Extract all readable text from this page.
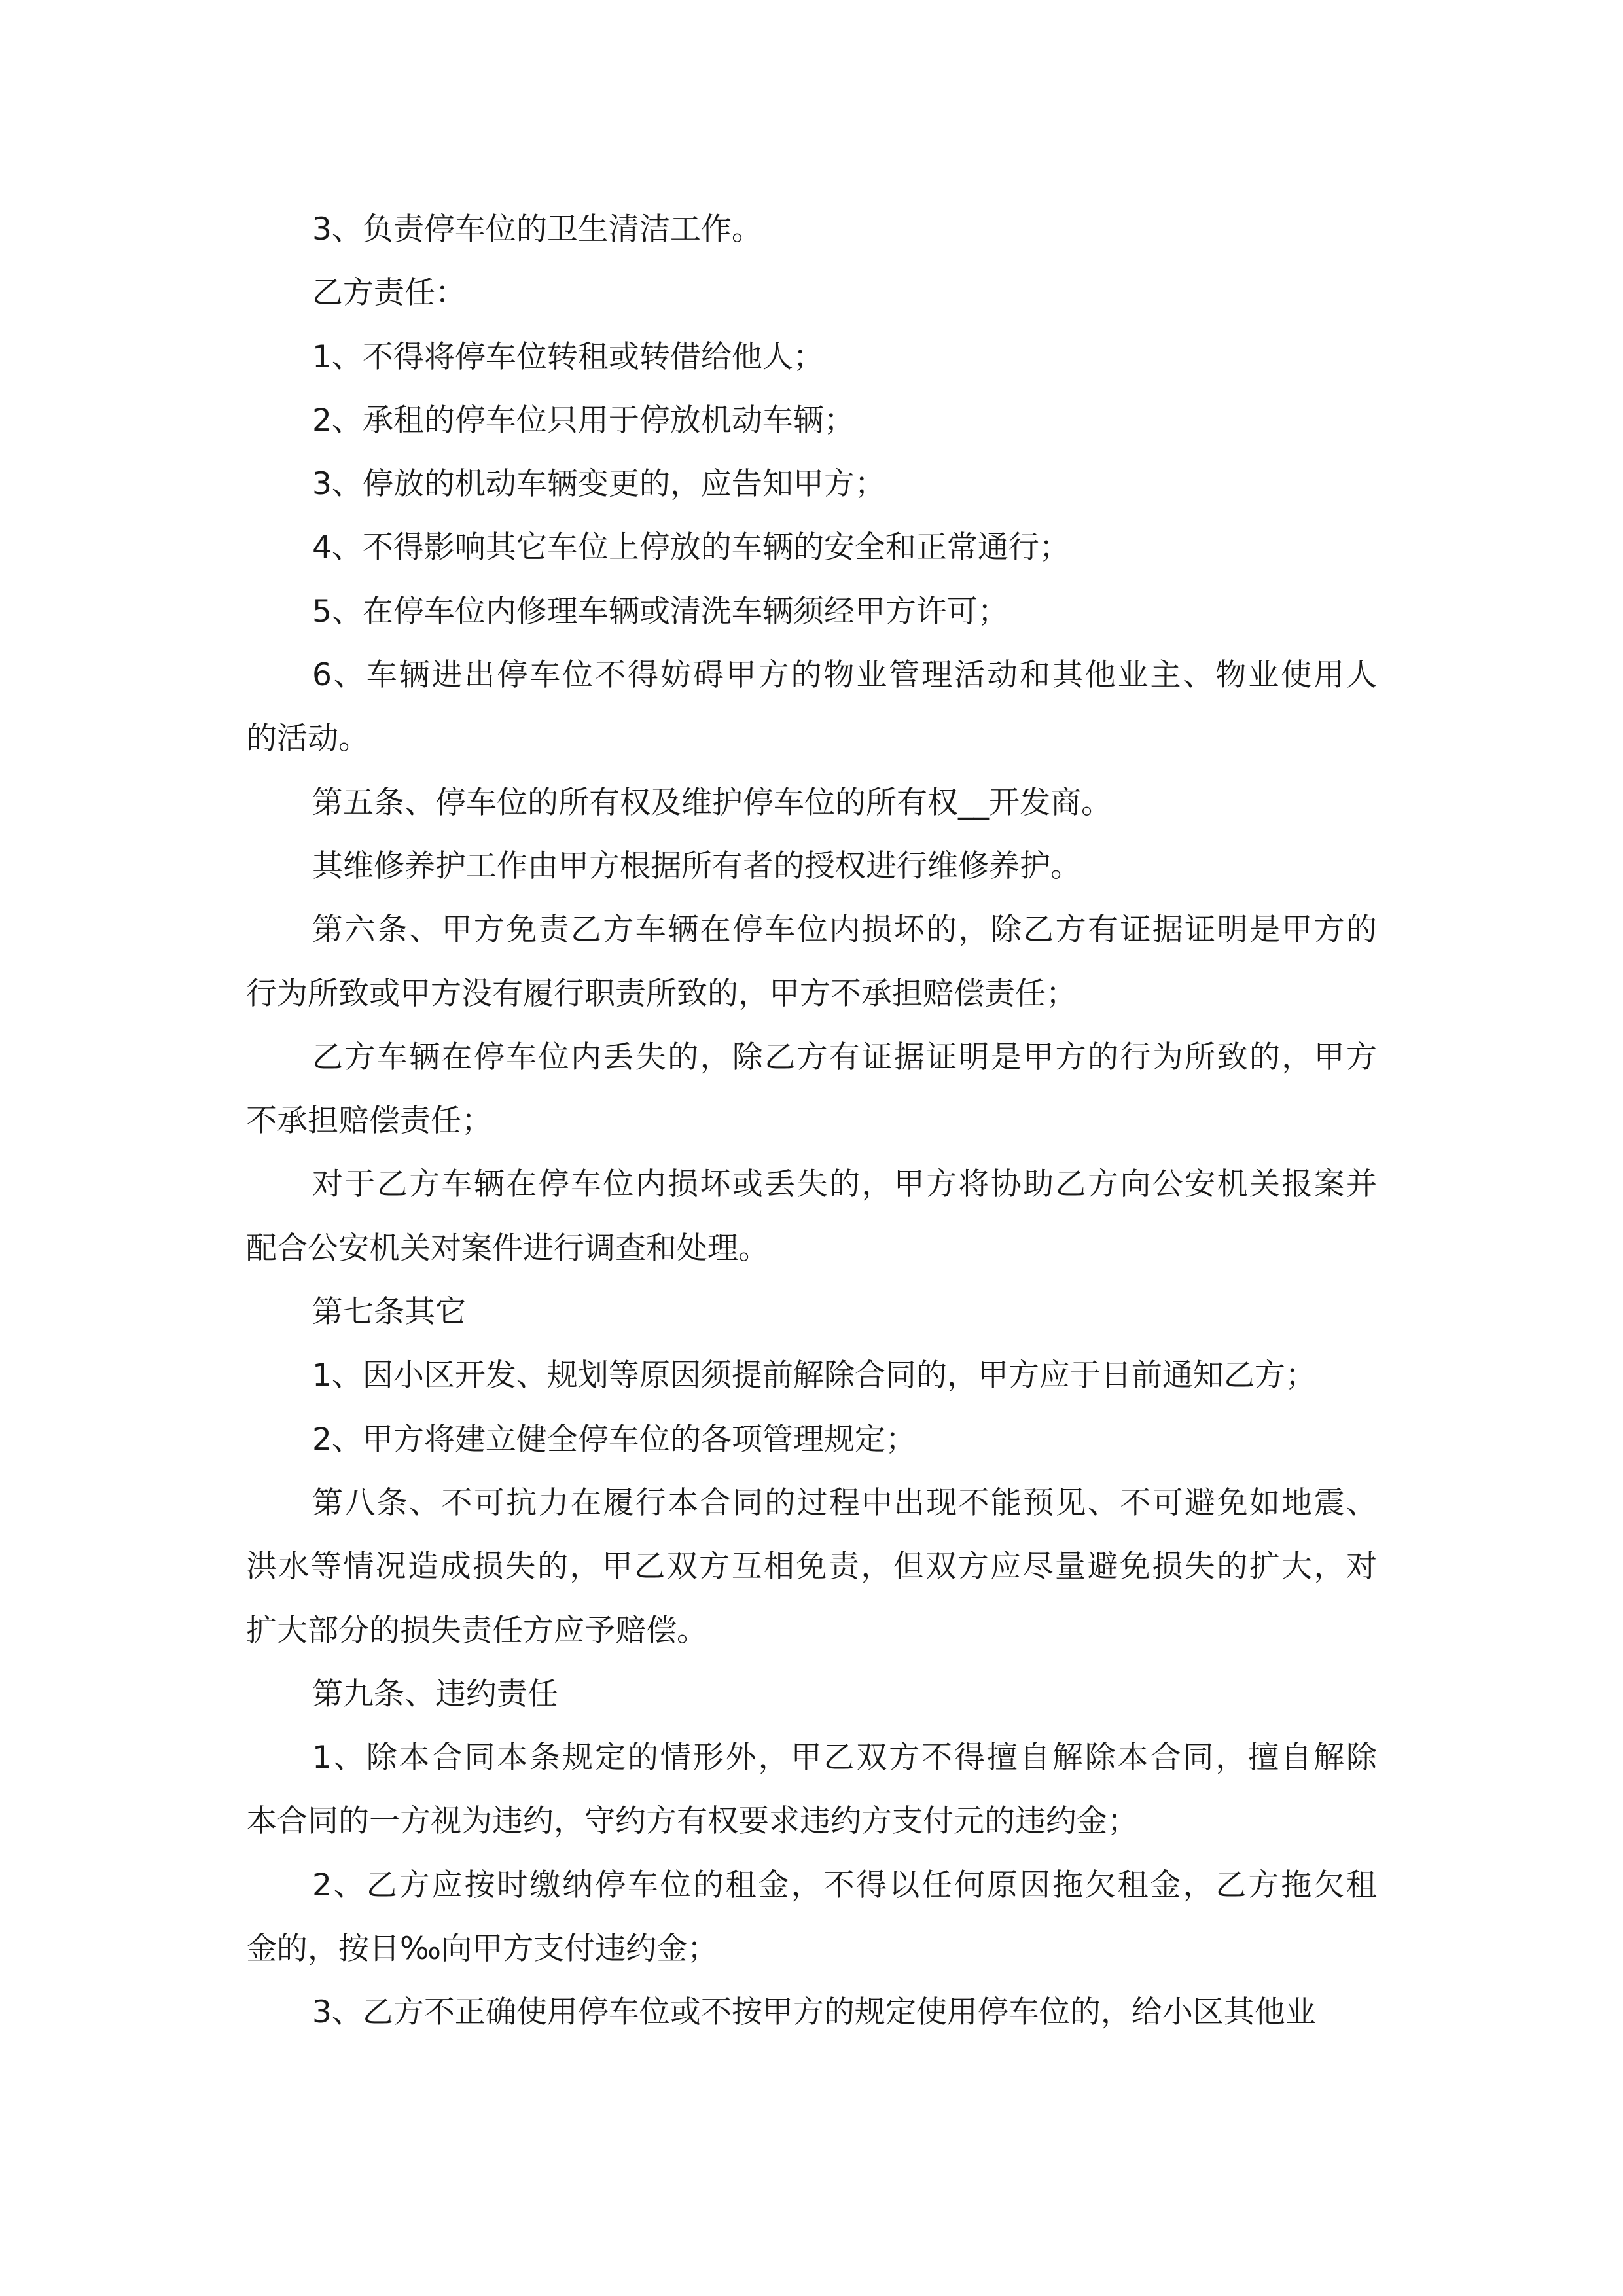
3、负责停车位的卫生清洁工作。
乙方责任：
1、不得将停车位转租或转借给他人；
2、承租的停车位只用于停放机动车辆；
3、停放的机动车辆变更的，应告知甲方；
4、不得影响其它车位上停放的车辆的安全和正常通行；
5、在停车位内修理车辆或清洗车辆须经甲方许可；
6、车辆进出停车位不得妨碍甲方的物业管理活动和其他业主、物业使用人
的活动。
第五条、停车位的所有权及维护停车位的所有权__开发商。
其维修养护工作由甲方根据所有者的授权进行维修养护。
第六条、甲方免责乙方车辆在停车位内损坏的，除乙方有证据证明是甲方的
行为所致或甲方没有履行职责所致的，甲方不承担赔偿责任；
乙方车辆在停车位内丢失的，除乙方有证据证明是甲方的行为所致的，甲方
不承担赔偿责任；
对于乙方车辆在停车位内损坏或丢失的，甲方将协助乙方向公安机关报案并
配合公安机关对案件进行调查和处理。
第七条其它
1、因小区开发、规划等原因须提前解除合同的，甲方应于日前通知乙方；
2、甲方将建立健全停车位的各项管理规定；
第八条、不可抗力在履行本合同的过程中出现不能预见、不可避免如地震、
洪水等情况造成损失的，甲乙双方互相免责，但双方应尽量避免损失的扩大，对
扩大部分的损失责任方应予赔偿。
第九条、违约责任
1、除本合同本条规定的情形外，甲乙双方不得擅自解除本合同，擅自解除
本合同的一方视为违约，守约方有权要求违约方支付元的违约金；
2、乙方应按时缴纳停车位的租金，不得以任何原因拖欠租金，乙方拖欠租
金的，按日‰向甲方支付违约金；
3、乙方不正确使用停车位或不按甲方的规定使用停车位的，给小区其他业
